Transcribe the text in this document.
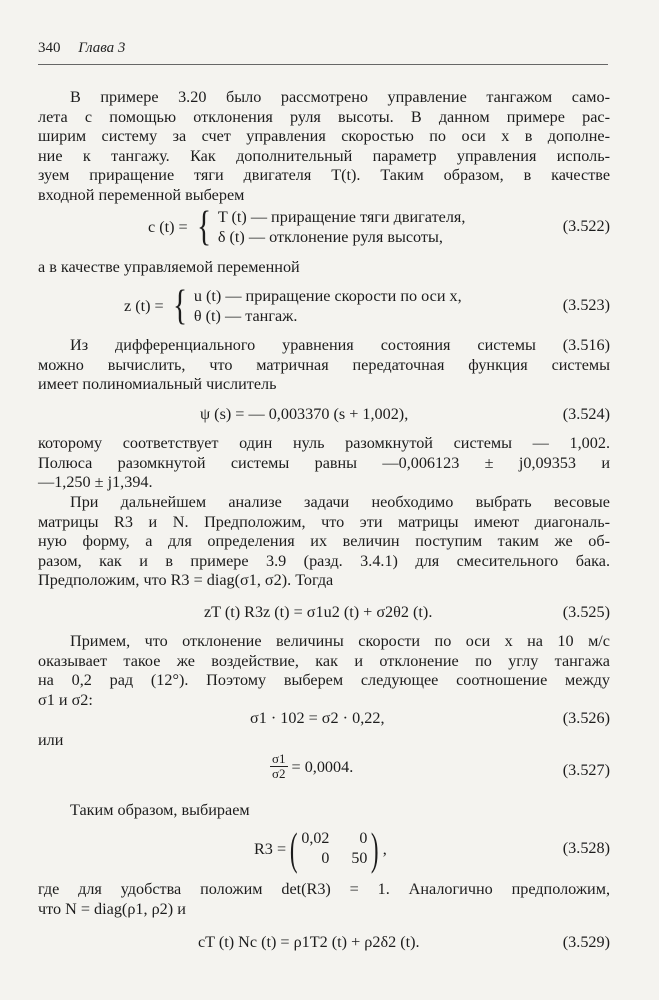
340 Глава 3
В примере 3.20 было рассмотрено управление тангажом само-
лета с помощью отклонения руля высоты. В данном примере рас-
ширим систему за счет управления скоростью по оси x в дополне-
ние к тангажу. Как дополнительный параметр управления исполь-
зуем приращение тяги двигателя T(t). Таким образом, в качестве
входной переменной выберем
c (t) = { T (t) — приращение тяги двигателя,
δ (t) — отклонение руля высоты,
(3.522)
а в качестве управляемой переменной
z (t) = { u (t) — приращение скорости по оси x,
θ (t) — тангаж.
(3.523)
Из дифференциального уравнения состояния системы (3.516)
можно вычислить, что матричная передаточная функция системы
имеет полиномиальный числитель
ψ (s) = — 0,003370 (s + 1,002),	(3.524)
которому соответствует один нуль разомкнутой системы — 1,002.
Полюса разомкнутой системы равны —0,006123 ± j0,09353 и
—1,250 ± j1,394.
При дальнейшем анализе задачи необходимо выбрать весовые
матрицы R3 и N. Предположим, что эти матрицы имеют диагональ-
ную форму, а для определения их величин поступим таким же об-
разом, как и в примере 3.9 (разд. 3.4.1) для смесительного бака.
Предположим, что R3 = diag(σ1, σ2). Тогда
zT (t) R3z (t) = σ1u2 (t) + σ2θ2 (t).	(3.525)
Примем, что отклонение величины скорости по оси x на 10 м/с
оказывает такое же воздействие, как и отклонение по углу тангажа
на 0,2 рад (12°). Поэтому выберем следующее соотношение между
σ1 и σ2:
σ1 · 102 = σ2 · 0,22,	(3.526)
или
$\frac{\sigma 1}{\sigma 2} = 0,0004$.	(3.527)
Таким образом, выбираем
R3 = ( 0,02	0
0 50 ) ,	(3.528)
где для удобства положим det(R3) = 1. Аналогично предположим,
что N = diag(ρ1, ρ2) и
cT (t) Nc (t) = ρ1T2 (t) + ρ2δ2 (t).	(3.529)
